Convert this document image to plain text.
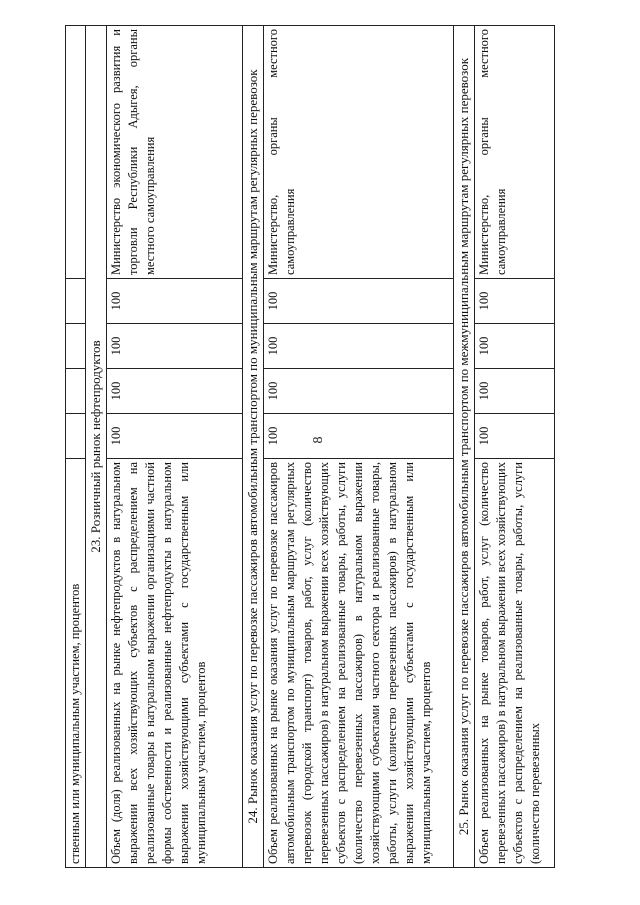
8
ственным или муниципальным участием, процентов					
23. Розничный рынок нефтепродуктов					
Объем (доля) реализованных на рынке нефтепродуктов в натуральном выражении всех хозяйствующих субъектов с распределением на реализованные товары в натуральном выражении организациями частной формы собственности и реализованные нефтепродукты в натуральном выражении хозяйствующими субъектами с государственным или муниципальным участием, процентов	100	100	100	100	Министерство экономического развития и торговли Республики Адыгея, органы местного самоуправления
24. Рынок оказания услуг по перевозке пассажиров автомобильным транспортом по муниципальным маршрутам регулярных перевозок					
Объем реализованных на рынке оказания услуг по перевозке пассажиров автомобильным транспортом по муниципальным маршрутам регулярных перевозок (городской транспорт) товаров, работ, услуг (количество перевезенных пассажиров) в натуральном выражении всех хозяйствующих субъектов с распределением на реализованные товары, работы, услуги (количество перевезенных пассажиров) в натуральном выражении хозяйствующими субъектами частного сектора и реализованные товары, работы, услуги (количество перевезенных пассажиров) в натуральном выражении хозяйствующими субъектами с государственным или муниципальным участием, процентов	100	100	100	100	Министерство, органы местного самоуправления
25. Рынок оказания услуг по перевозке пассажиров автомобильным транспортом по межмуниципальным маршрутам регулярных перевозок					
Объем реализованных на рынке товаров, работ, услуг (количество перевезенных пассажиров) в натуральном выражении всех хозяйствующих субъектов с распределением на реализованные товары, работы, услуги (количество перевезенных	100	100	100	100	Министерство, органы местного самоуправления
